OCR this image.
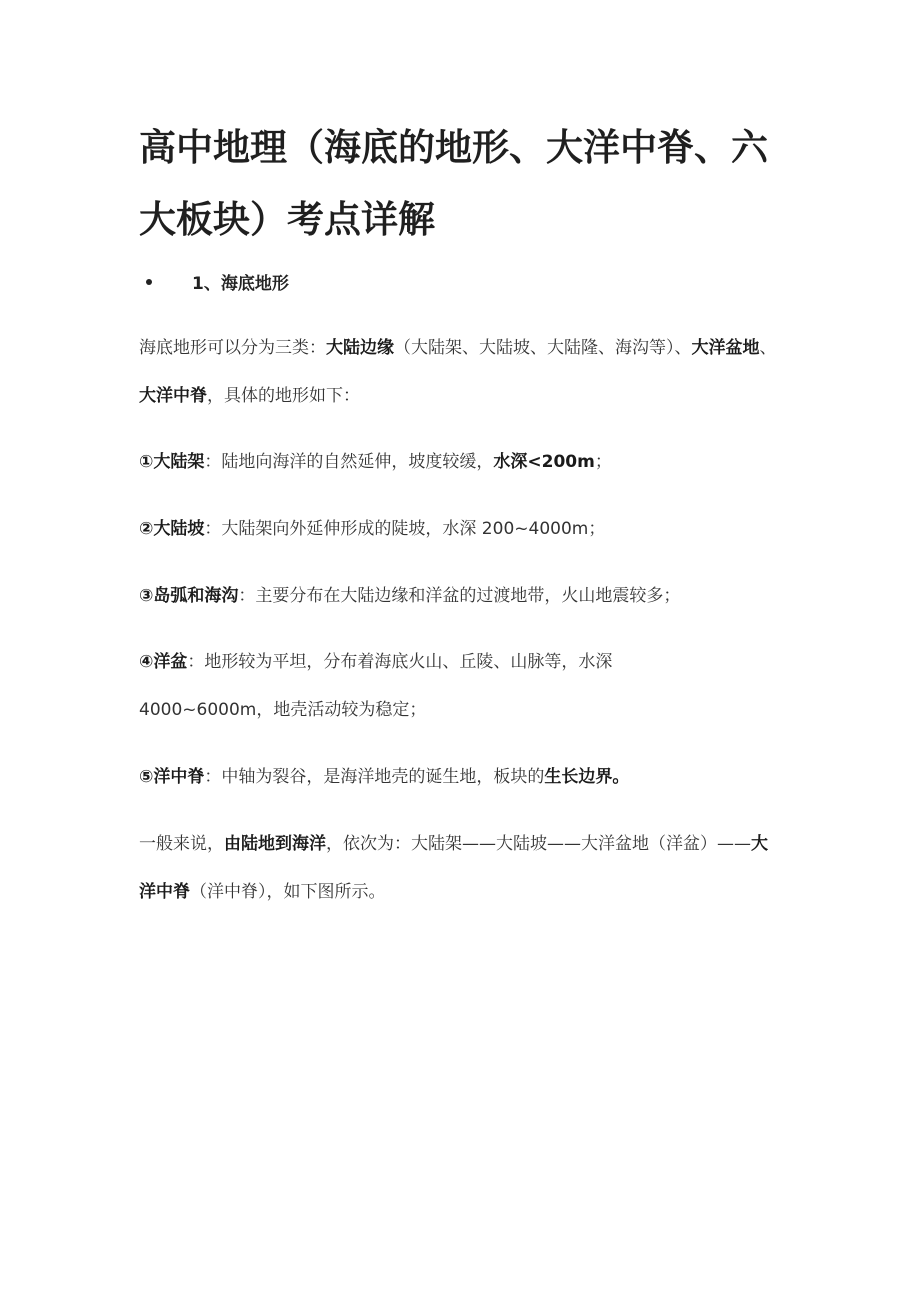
高中地理（海底的地形、大洋中脊、六大板块）考点详解
1、海底地形

海底地形可以分为三类：大陆边缘（大陆架、大陆坡、大陆隆、海沟等）、大洋盆地、大洋中脊，具体的地形如下：

①大陆架：陆地向海洋的自然延伸，坡度较缓，水深<200m；

②大陆坡：大陆架向外延伸形成的陡坡，水深 200~4000m；

③岛弧和海沟：主要分布在大陆边缘和洋盆的过渡地带，火山地震较多；

④洋盆：地形较为平坦，分布着海底火山、丘陵、山脉等，水深 4000~6000m，地壳活动较为稳定；

⑤洋中脊：中轴为裂谷，是海洋地壳的诞生地，板块的生长边界。

一般来说，由陆地到海洋，依次为：大陆架——大陆坡——大洋盆地（洋盆）——大洋中脊（洋中脊），如下图所示。
